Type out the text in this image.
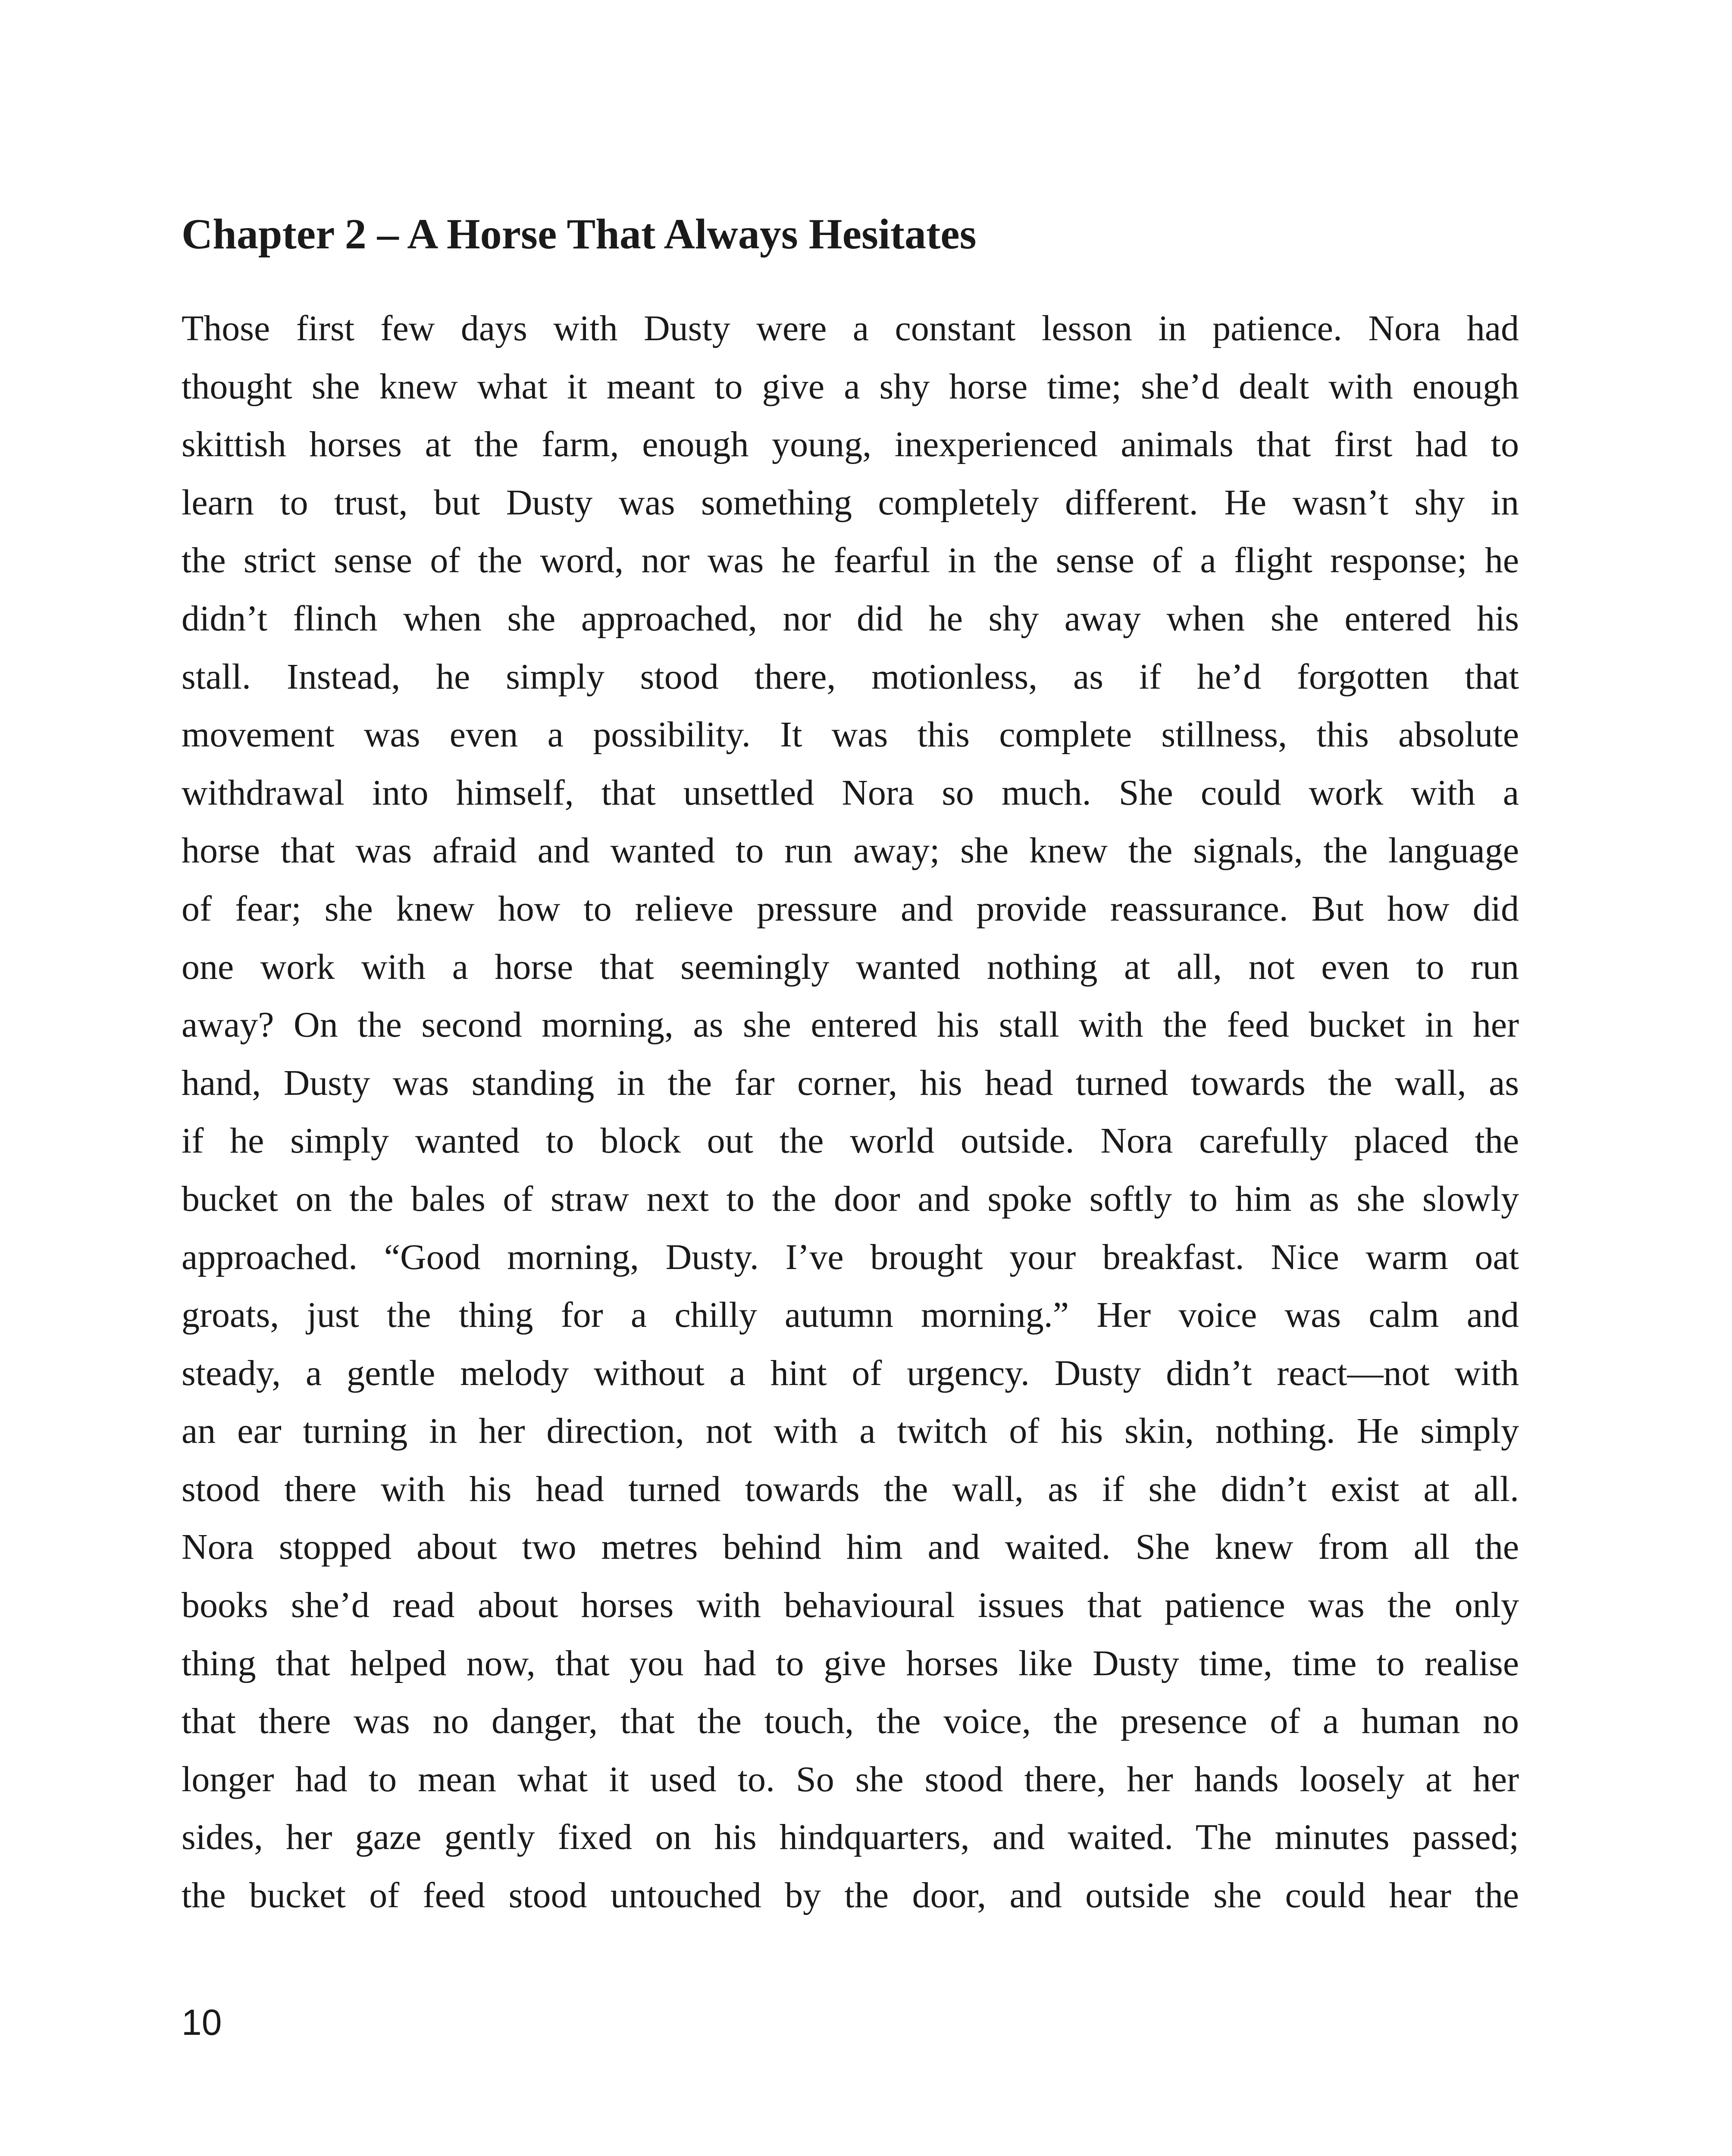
Chapter 2 – A Horse That Always Hesitates
Those first few days with Dusty were a constant lesson in patience. Nora had
thought she knew what it meant to give a shy horse time; she’d dealt with enough
skittish horses at the farm, enough young, inexperienced animals that first had to
learn to trust, but Dusty was something completely different. He wasn’t shy in
the strict sense of the word, nor was he fearful in the sense of a flight response; he
didn’t flinch when she approached, nor did he shy away when she entered his
stall. Instead, he simply stood there, motionless, as if he’d forgotten that
movement was even a possibility. It was this complete stillness, this absolute
withdrawal into himself, that unsettled Nora so much. She could work with a
horse that was afraid and wanted to run away; she knew the signals, the language
of fear; she knew how to relieve pressure and provide reassurance. But how did
one work with a horse that seemingly wanted nothing at all, not even to run
away? On the second morning, as she entered his stall with the feed bucket in her
hand, Dusty was standing in the far corner, his head turned towards the wall, as
if he simply wanted to block out the world outside. Nora carefully placed the
bucket on the bales of straw next to the door and spoke softly to him as she slowly
approached. “Good morning, Dusty. I’ve brought your breakfast. Nice warm oat
groats, just the thing for a chilly autumn morning.” Her voice was calm and
steady, a gentle melody without a hint of urgency. Dusty didn’t react—not with
an ear turning in her direction, not with a twitch of his skin, nothing. He simply
stood there with his head turned towards the wall, as if she didn’t exist at all.
Nora stopped about two metres behind him and waited. She knew from all the
books she’d read about horses with behavioural issues that patience was the only
thing that helped now, that you had to give horses like Dusty time, time to realise
that there was no danger, that the touch, the voice, the presence of a human no
longer had to mean what it used to. So she stood there, her hands loosely at her
sides, her gaze gently fixed on his hindquarters, and waited. The minutes passed;
the bucket of feed stood untouched by the door, and outside she could hear the
10
